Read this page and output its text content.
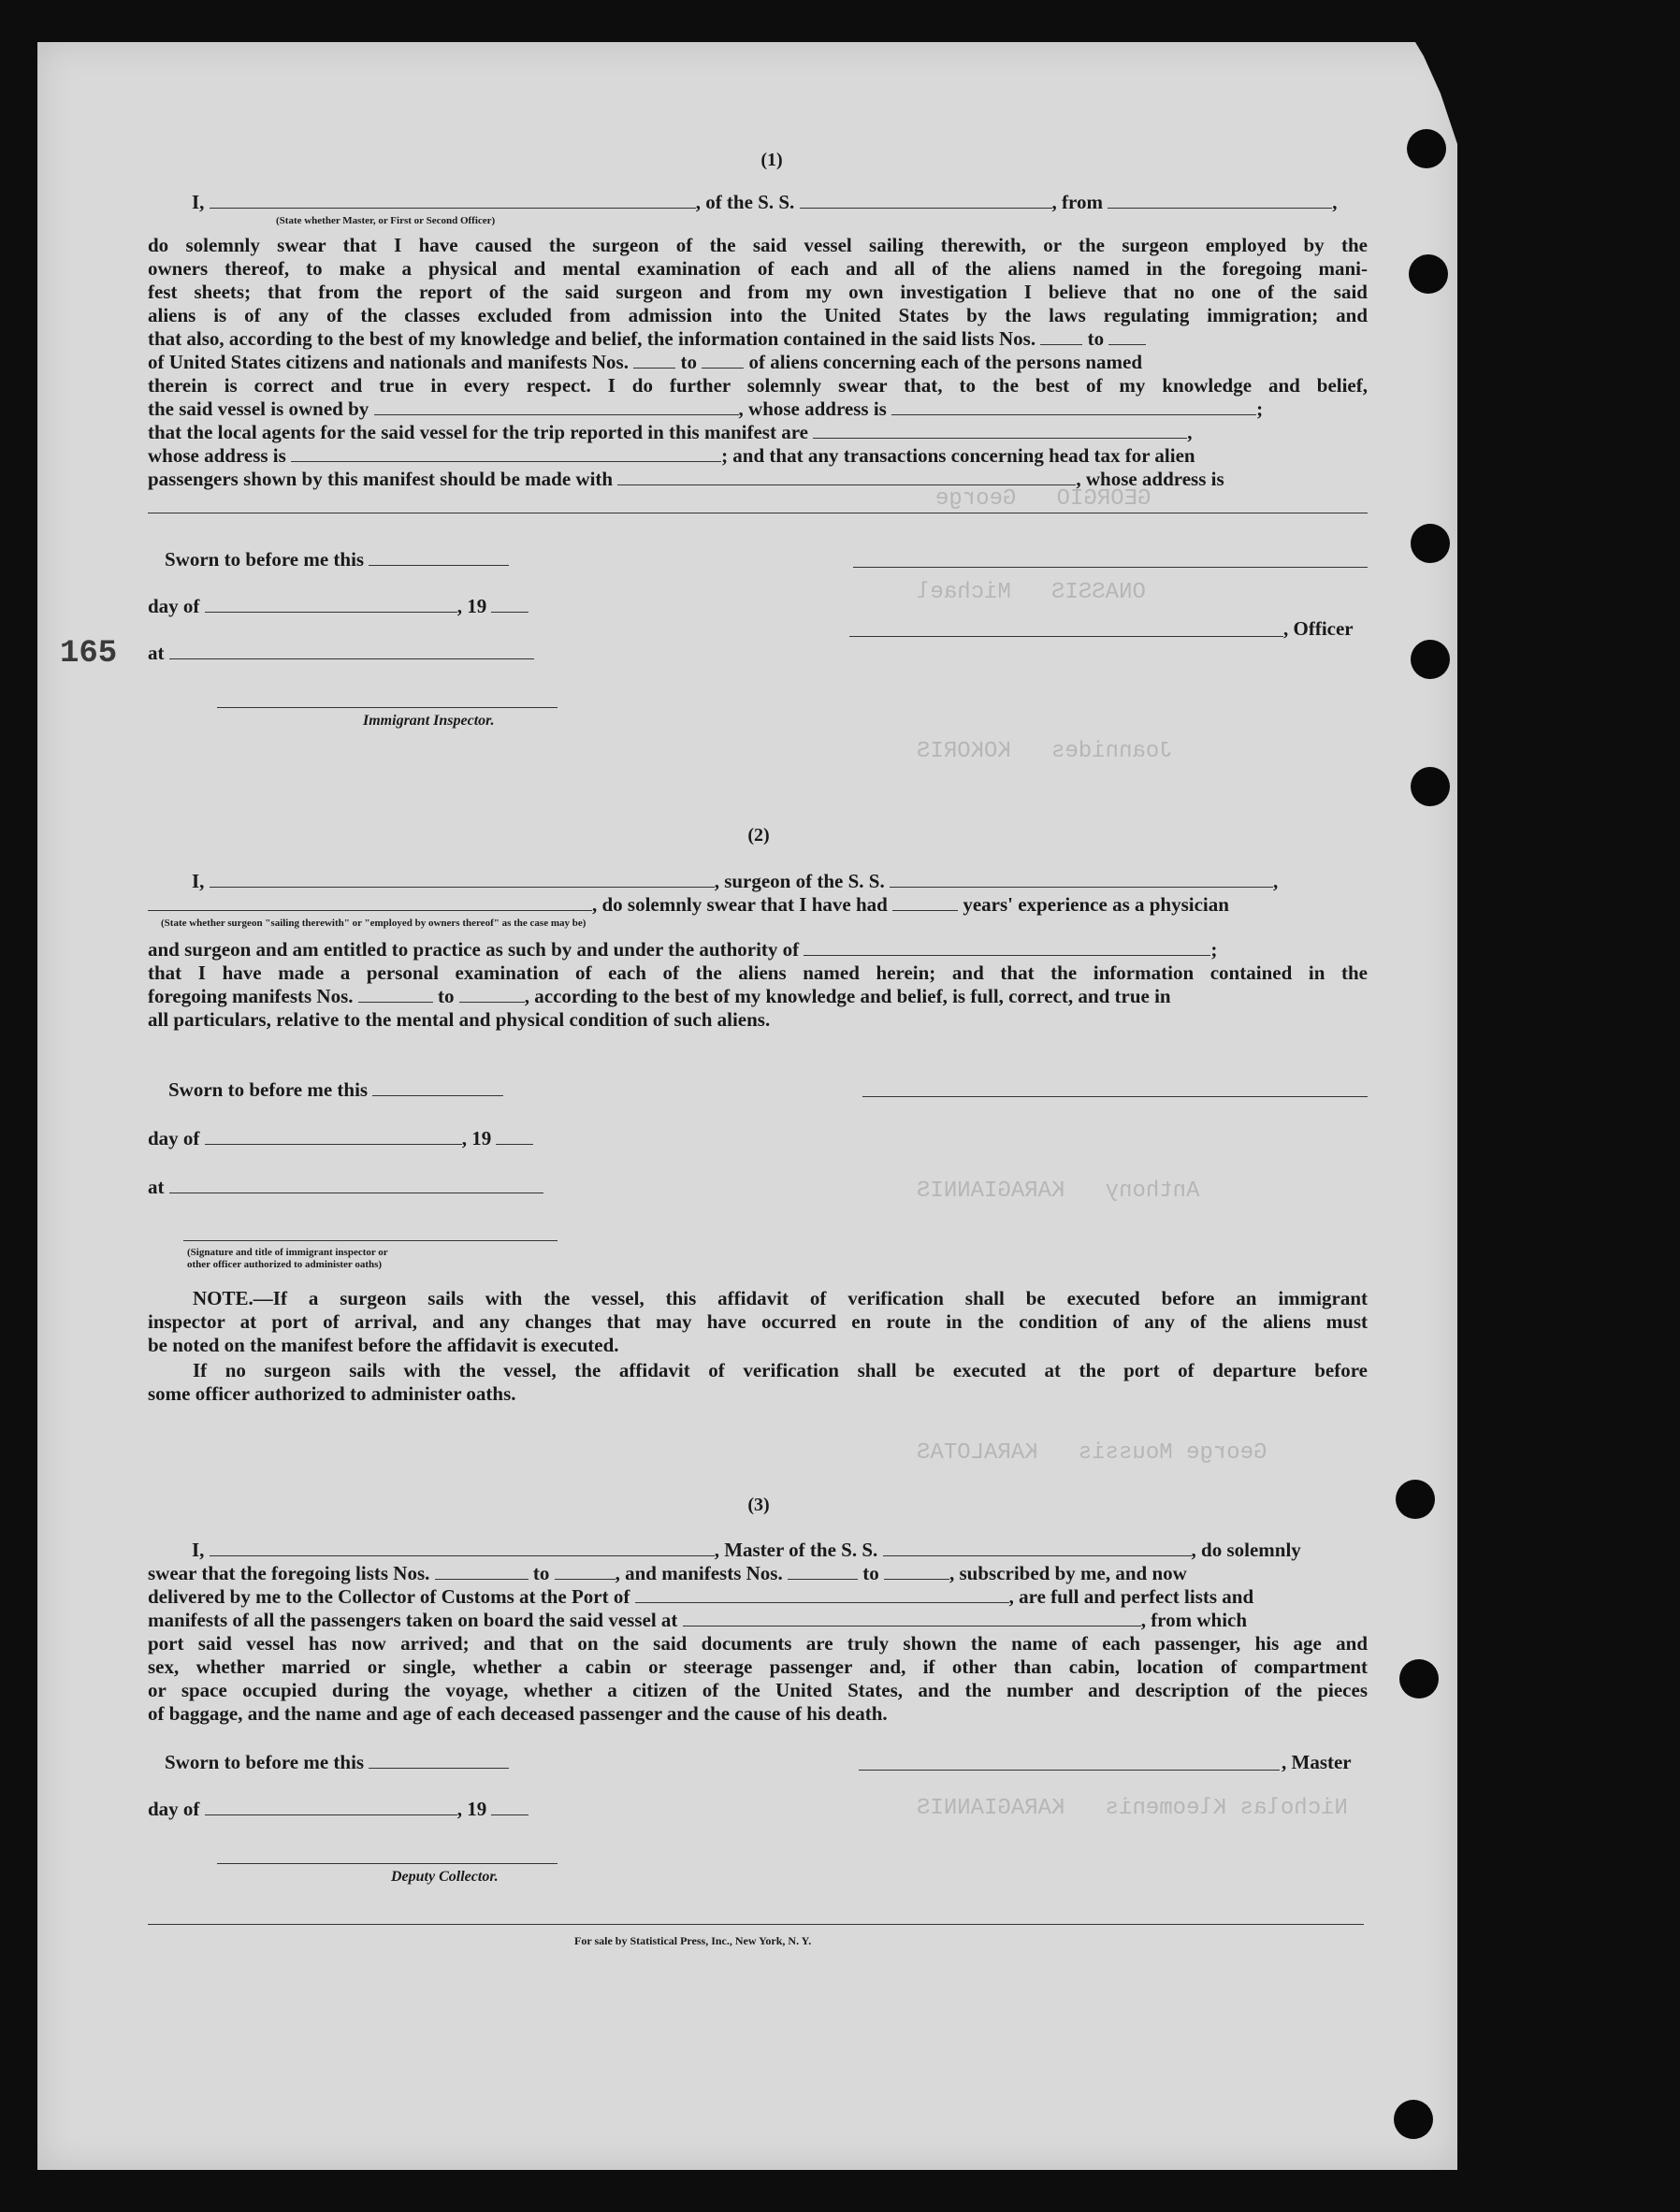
GEORGIO   George
ONASSIS   Michael
Joannides   KOKORIS
Anthony   KARAGIANNIS
George Moussis   KARALOTAS
Nicholas Kleomenis   KARAGIANNIS
(1)
I,	, of the S. S.	, from	,
(State whether Master, or First or Second Officer)
do solemnly swear that I have caused the surgeon of the said vessel sailing therewith, or the surgeon employed by the
owners thereof, to make a physical and mental examination of each and all of the aliens named in the foregoing mani-
fest sheets; that from the report of the said surgeon and from my own investigation I believe that no one of the said
aliens is of any of the classes excluded from admission into the United States by the laws regulating immigration; and
that also, according to the best of my knowledge and belief, the information contained in the said lists Nos.	to
of United States citizens and nationals and manifests Nos.	to	of aliens concerning each of the persons named
therein is correct and true in every respect. I do further solemnly swear that, to the best of my knowledge and belief,
the said vessel is owned by	, whose address is	;
that the local agents for the said vessel for the trip reported in this manifest are	,
whose address is	; and that any transactions concerning head tax for alien
passengers shown by this manifest should be made with	, whose address is
Sworn to before me this
day of	, 19
, Officer
at
Immigrant Inspector.
165
(2)
I,	, surgeon of the S. S.	,
, do solemnly swear that I have had	years' experience as a physician
(State whether surgeon "sailing therewith" or "employed by owners thereof" as the case may be)
and surgeon and am entitled to practice as such by and under the authority of	;
that I have made a personal examination of each of the aliens named herein; and that the information contained in the
foregoing manifests Nos.	to	, according to the best of my knowledge and belief, is full, correct, and true in
all particulars, relative to the mental and physical condition of such aliens.
Sworn to before me this
day of	, 19
at
(Signature and title of immigrant inspector or
other officer authorized to administer oaths)
NOTE.—If a surgeon sails with the vessel, this affidavit of verification shall be executed before an immigrant
inspector at port of arrival, and any changes that may have occurred en route in the condition of any of the aliens must
be noted on the manifest before the affidavit is executed.
If no surgeon sails with the vessel, the affidavit of verification shall be executed at the port of departure before
some officer authorized to administer oaths.
(3)
I,	, Master of the S. S.	, do solemnly
swear that the foregoing lists Nos.	to	, and manifests Nos.	to	, subscribed by me, and now
delivered by me to the Collector of Customs at the Port of	, are full and perfect lists and
manifests of all the passengers taken on board the said vessel at	, from which
port said vessel has now arrived; and that on the said documents are truly shown the name of each passenger, his age and
sex, whether married or single, whether a cabin or steerage passenger and, if other than cabin, location of compartment
or space occupied during the voyage, whether a citizen of the United States, and the number and description of the pieces
of baggage, and the name and age of each deceased passenger and the cause of his death.
Sworn to before me this	, Master
day of	, 19
Deputy Collector.
For sale by Statistical Press, Inc., New York, N. Y.
